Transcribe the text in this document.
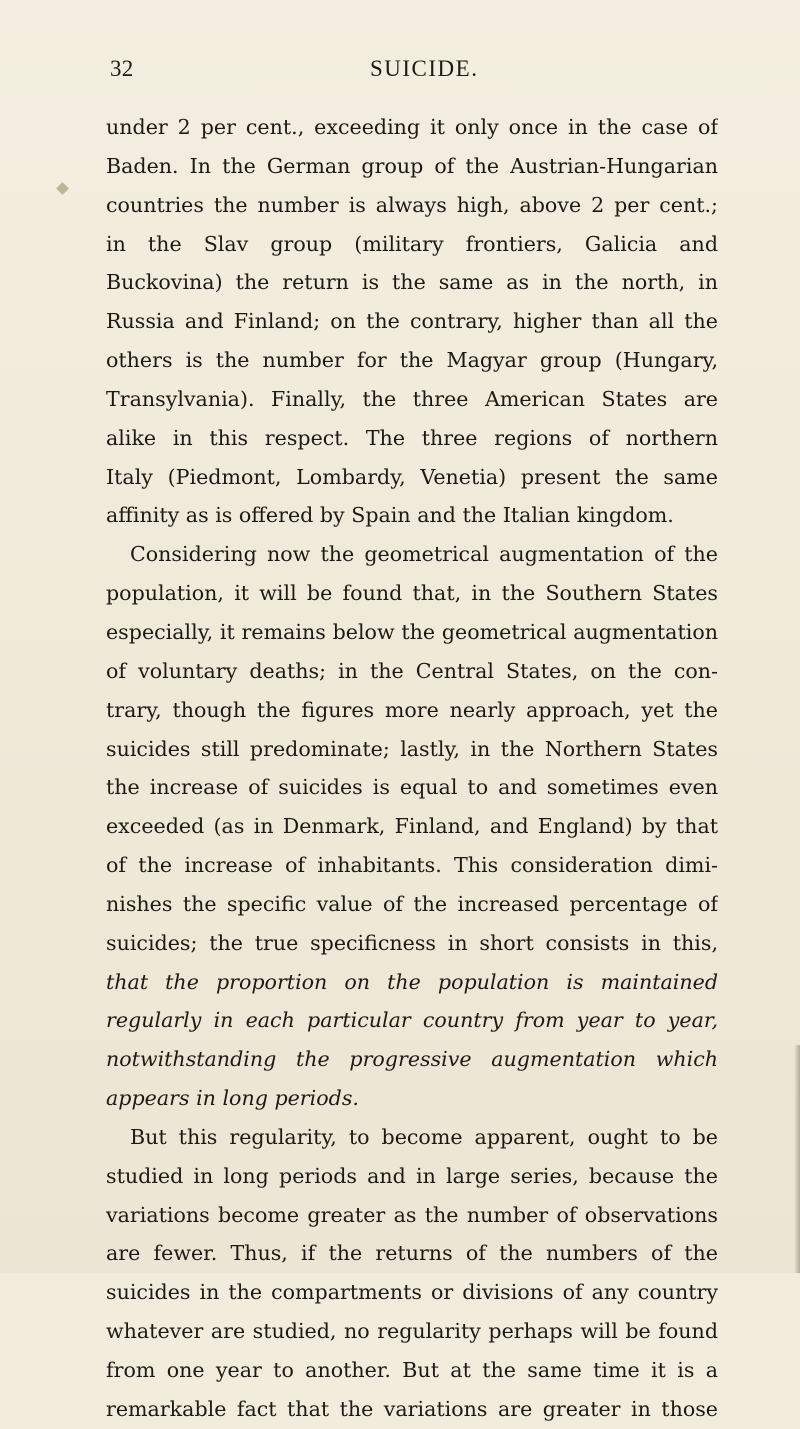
32	SUICIDE.
under 2 per cent., exceeding it only once in the case of
Baden. In the German group of the Austrian-Hungarian
countries the number is always high, above 2 per cent.;
in the Slav group (military frontiers, Galicia and
Buckovina) the return is the same as in the north, in
Russia and Finland; on the contrary, higher than all the
others is the number for the Magyar group (Hungary,
Transylvania). Finally, the three American States are
alike in this respect. The three regions of northern
Italy (Piedmont, Lombardy, Venetia) present the same
affinity as is offered by Spain and the Italian kingdom.
Considering now the geometrical augmentation of the
population, it will be found that, in the Southern States
especially, it remains below the geometrical augmentation
of voluntary deaths; in the Central States, on the con-
trary, though the figures more nearly approach, yet the
suicides still predominate; lastly, in the Northern States
the increase of suicides is equal to and sometimes even
exceeded (as in Denmark, Finland, and England) by that
of the increase of inhabitants. This consideration dimi-
nishes the specific value of the increased percentage of
suicides; the true specificness in short consists in this,
that the proportion on the population is maintained
regularly in each particular country from year to year,
notwithstanding the progressive augmentation which
appears in long periods.
But this regularity, to become apparent, ought to be
studied in long periods and in large series, because the
variations become greater as the number of observations
are fewer. Thus, if the returns of the numbers of the
suicides in the compartments or divisions of any country
whatever are studied, no regularity perhaps will be found
from one year to another. But at the same time it is a
remarkable fact that the variations are greater in those
